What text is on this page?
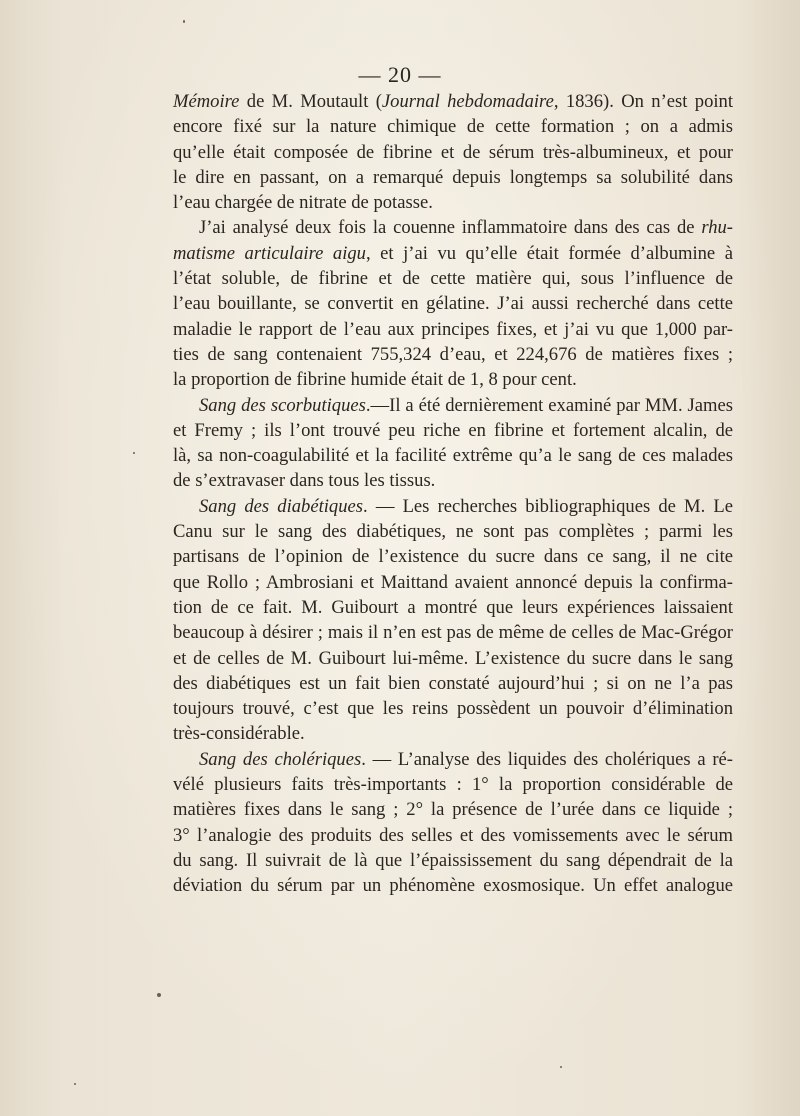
— 20 —
Mémoire de M. Moutault (Journal hebdomadaire, 1836). On n’est point
encore fixé sur la nature chimique de cette formation ; on a admis
qu’elle était composée de fibrine et de sérum très-albumineux, et pour
le dire en passant, on a remarqué depuis longtemps sa solubilité dans
l’eau chargée de nitrate de potasse.
J’ai analysé deux fois la couenne inflammatoire dans des cas de rhu-
matisme articulaire aigu, et j’ai vu qu’elle était formée d’albumine à
l’état soluble, de fibrine et de cette matière qui, sous l’influence de
l’eau bouillante, se convertit en gélatine. J’ai aussi recherché dans cette
maladie le rapport de l’eau aux principes fixes, et j’ai vu que 1,000 par-
ties de sang contenaient 755,324 d’eau, et 224,676 de matières fixes ;
la proportion de fibrine humide était de 1, 8 pour cent.
Sang des scorbutiques.—Il a été dernièrement examiné par MM. James
et Fremy ; ils l’ont trouvé peu riche en fibrine et fortement alcalin, de
là, sa non-coagulabilité et la facilité extrême qu’a le sang de ces malades
de s’extravaser dans tous les tissus.
Sang des diabétiques. — Les recherches bibliographiques de M. Le
Canu sur le sang des diabétiques, ne sont pas complètes ; parmi les
partisans de l’opinion de l’existence du sucre dans ce sang, il ne cite
que Rollo ; Ambrosiani et Maittand avaient annoncé depuis la confirma-
tion de ce fait. M. Guibourt a montré que leurs expériences laissaient
beaucoup à désirer ; mais il n’en est pas de même de celles de Mac-Grégor
et de celles de M. Guibourt lui-même. L’existence du sucre dans le sang
des diabétiques est un fait bien constaté aujourd’hui ; si on ne l’a pas
toujours trouvé, c’est que les reins possèdent un pouvoir d’élimination
très-considérable.
Sang des cholériques. — L’analyse des liquides des cholériques a ré-
vélé plusieurs faits très-importants : 1° la proportion considérable de
matières fixes dans le sang ; 2° la présence de l’urée dans ce liquide ;
3° l’analogie des produits des selles et des vomissements avec le sérum
du sang. Il suivrait de là que l’épaississement du sang dépendrait de la
déviation du sérum par un phénomène exosmosique. Un effet analogue
